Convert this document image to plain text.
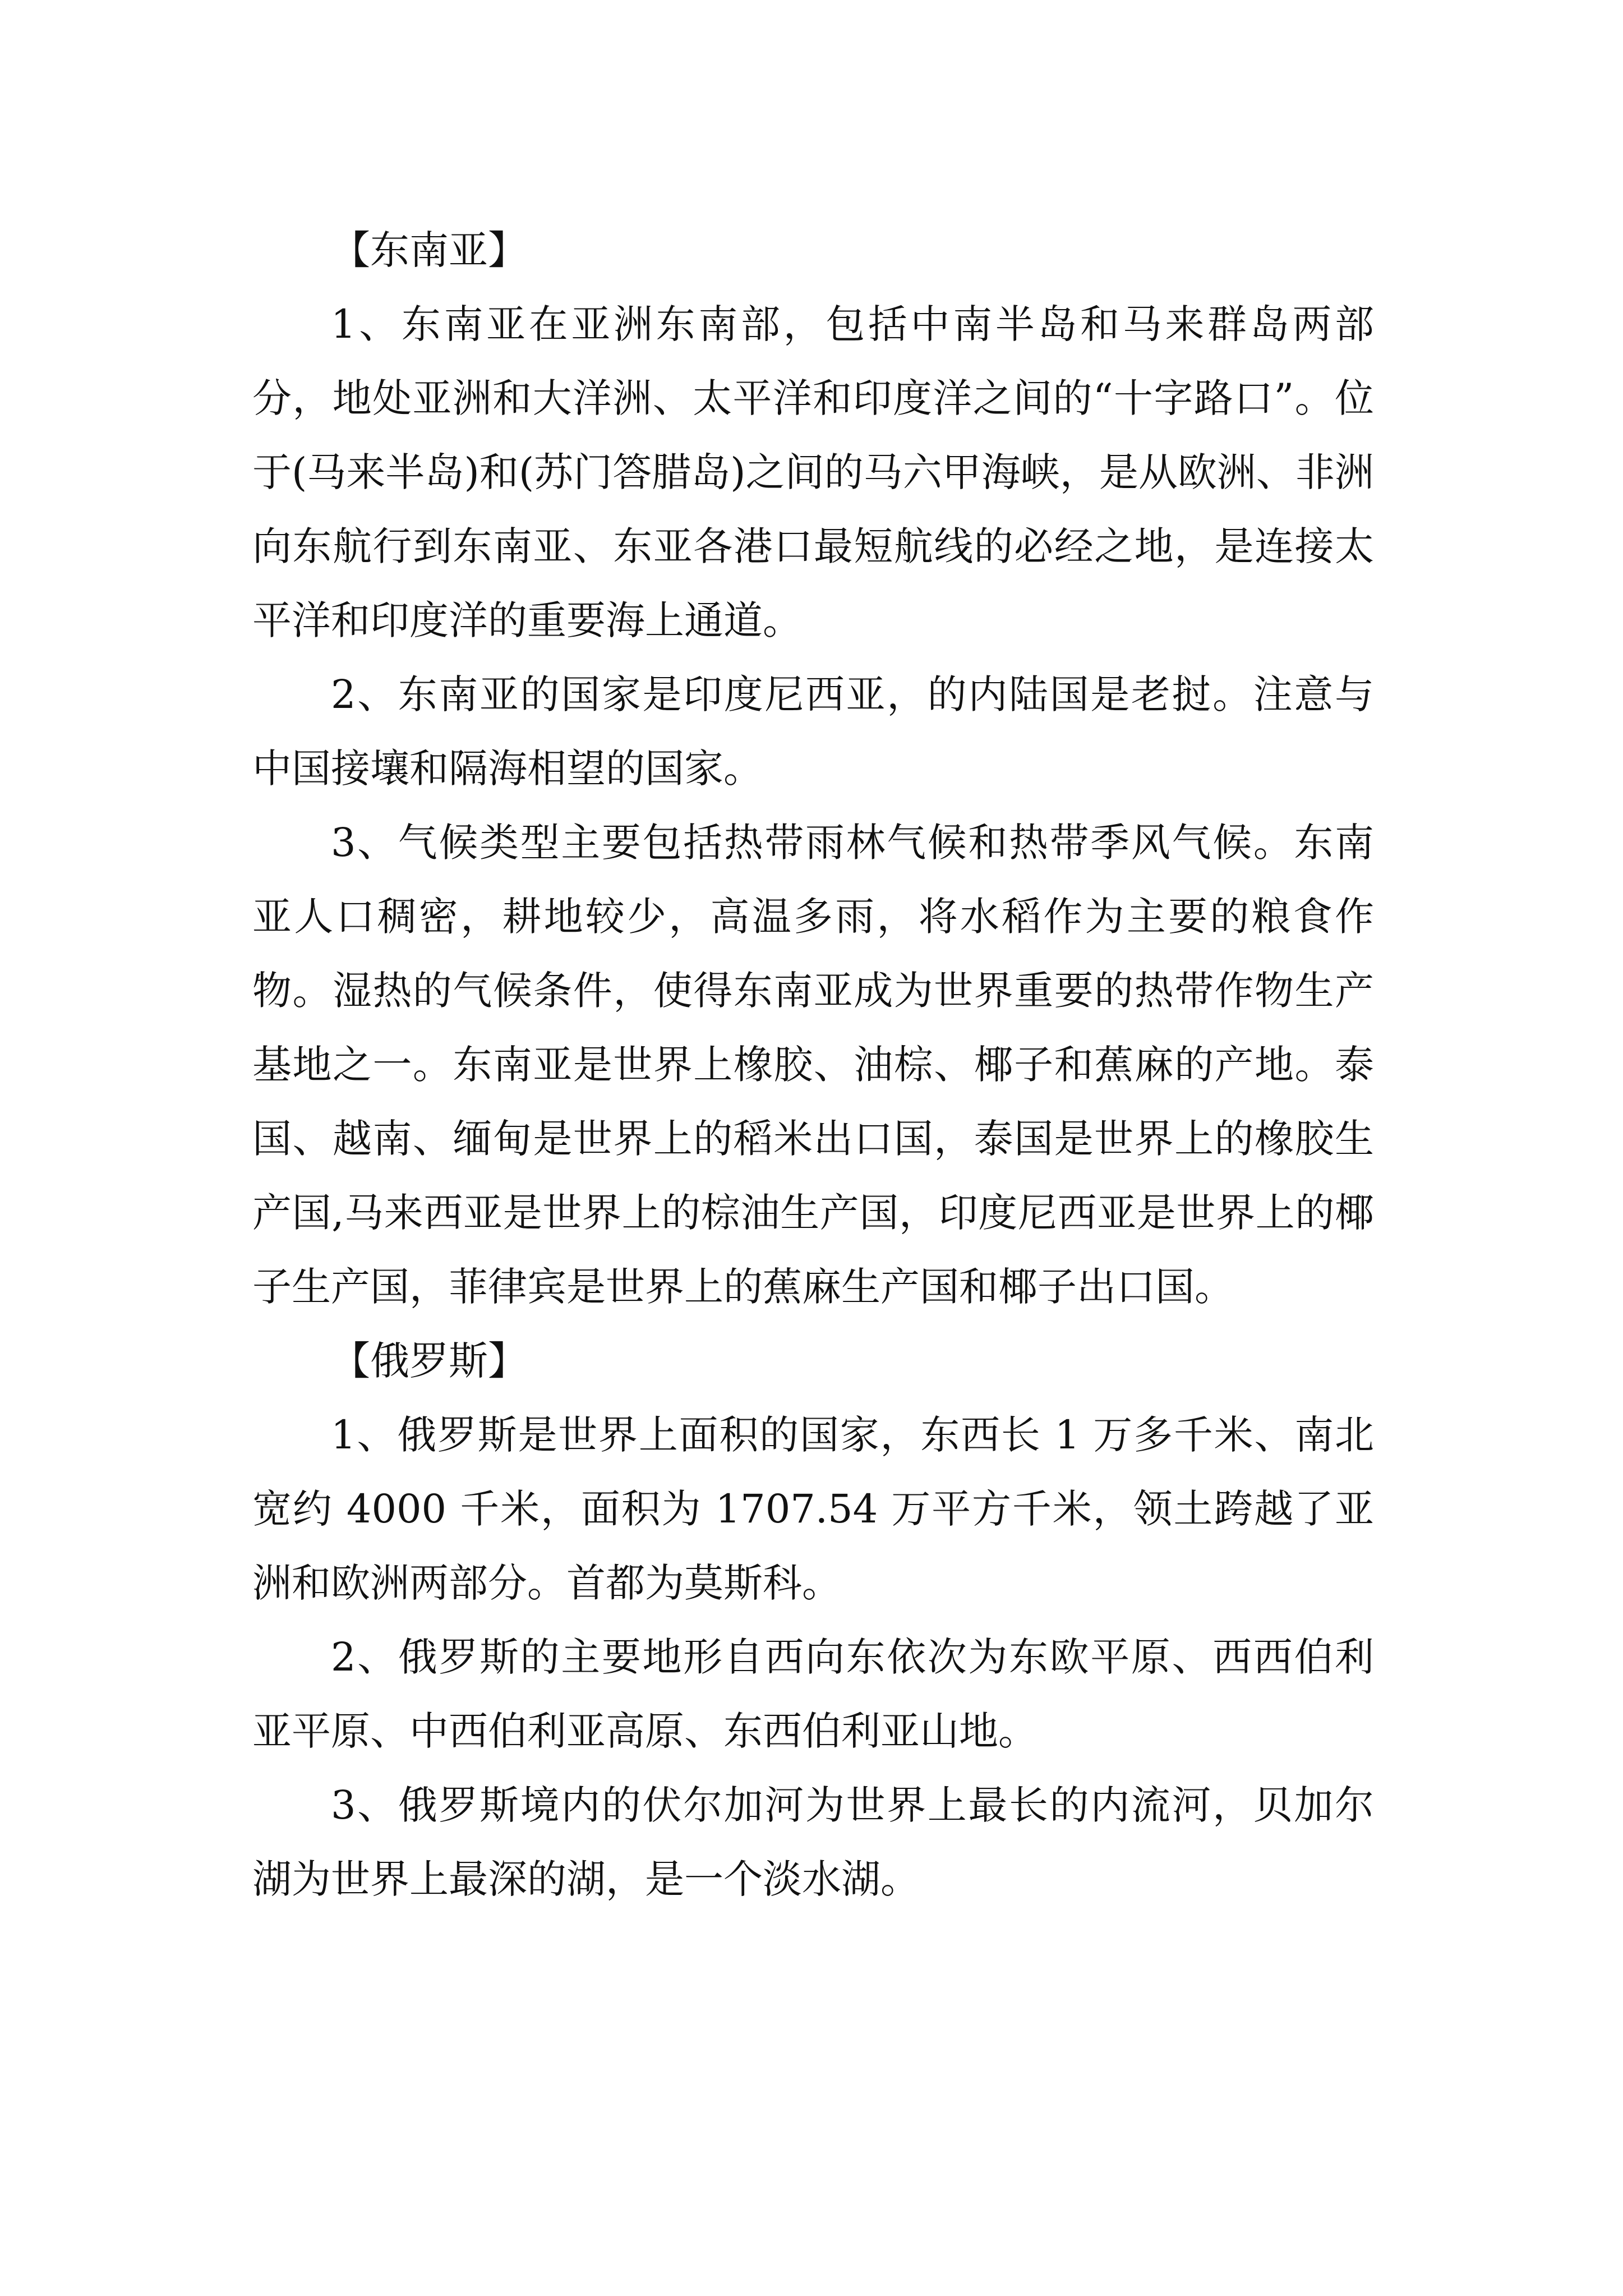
【东南亚】

1、东南亚在亚洲东南部，包括中南半岛和马来群岛两部分，地处亚洲和大洋洲、太平洋和印度洋之间的“十字路口”。位于(马来半岛)和(苏门答腊岛)之间的马六甲海峡，是从欧洲、非洲向东航行到东南亚、东亚各港口最短航线的必经之地，是连接太平洋和印度洋的重要海上通道。

2、东南亚的国家是印度尼西亚，的内陆国是老挝。注意与中国接壤和隔海相望的国家。

3、气候类型主要包括热带雨林气候和热带季风气候。东南亚人口稠密，耕地较少，高温多雨，将水稻作为主要的粮食作物。湿热的气候条件，使得东南亚成为世界重要的热带作物生产基地之一。东南亚是世界上橡胶、油棕、椰子和蕉麻的产地。泰国、越南、缅甸是世界上的稻米出口国，泰国是世界上的橡胶生产国,马来西亚是世界上的棕油生产国，印度尼西亚是世界上的椰子生产国，菲律宾是世界上的蕉麻生产国和椰子出口国。

【俄罗斯】

1、俄罗斯是世界上面积的国家，东西长 1 万多千米、南北宽约 4000 千米，面积为 1707.54 万平方千米，领土跨越了亚洲和欧洲两部分。首都为莫斯科。

2、俄罗斯的主要地形自西向东依次为东欧平原、西西伯利亚平原、中西伯利亚高原、东西伯利亚山地。

3、俄罗斯境内的伏尔加河为世界上最长的内流河，贝加尔湖为世界上最深的湖，是一个淡水湖。
